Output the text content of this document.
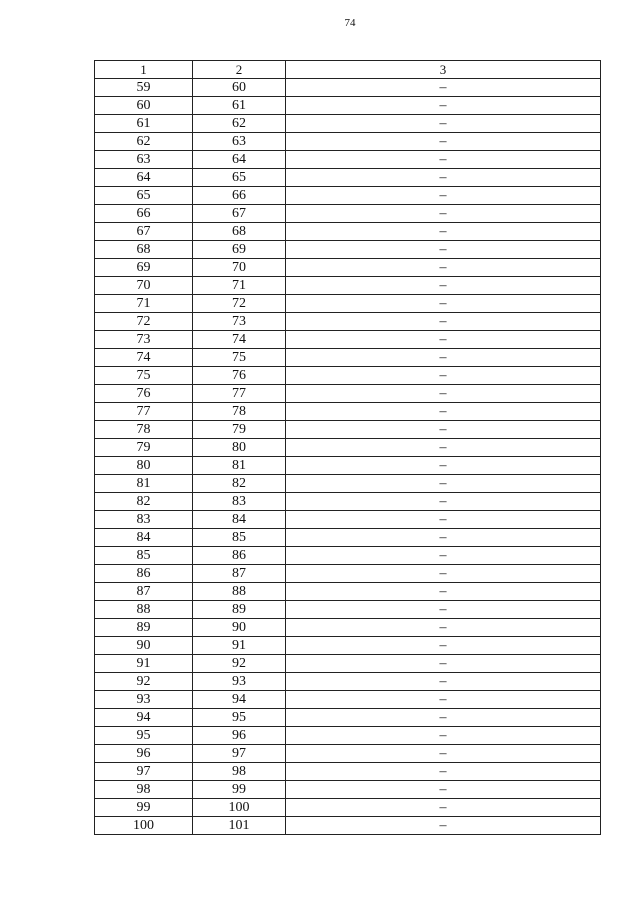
74
1	2	3
59	60	–
60	61	–
61	62	–
62	63	–
63	64	–
64	65	–
65	66	–
66	67	–
67	68	–
68	69	–
69	70	–
70	71	–
71	72	–
72	73	–
73	74	–
74	75	–
75	76	–
76	77	–
77	78	–
78	79	–
79	80	–
80	81	–
81	82	–
82	83	–
83	84	–
84	85	–
85	86	–
86	87	–
87	88	–
88	89	–
89	90	–
90	91	–
91	92	–
92	93	–
93	94	–
94	95	–
95	96	–
96	97	–
97	98	–
98	99	–
99	100	–
100	101	–
